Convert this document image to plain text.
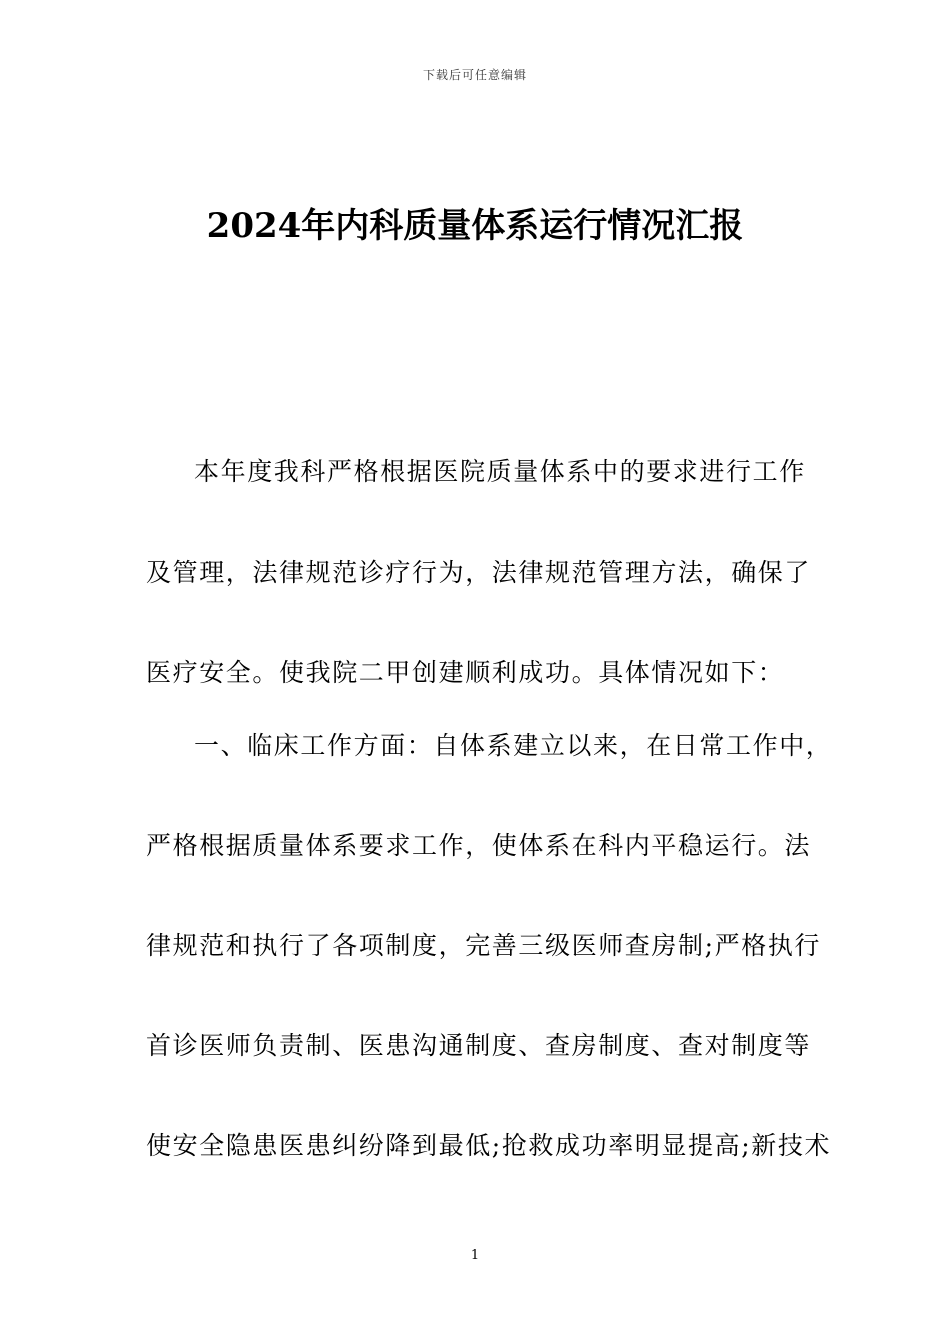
下载后可任意编辑
2024年内科质量体系运行情况汇报
本年度我科严格根据医院质量体系中的要求进行工作
及管理，法律规范诊疗行为，法律规范管理方法，确保了
医疗安全。使我院二甲创建顺利成功。具体情况如下：
一、临床工作方面：自体系建立以来，在日常工作中，
严格根据质量体系要求工作，使体系在科内平稳运行。法
律规范和执行了各项制度，完善三级医师查房制;严格执行
首诊医师负责制、医患沟通制度、查房制度、查对制度等
使安全隐患医患纠纷降到最低;抢救成功率明显提高;新技术
1
